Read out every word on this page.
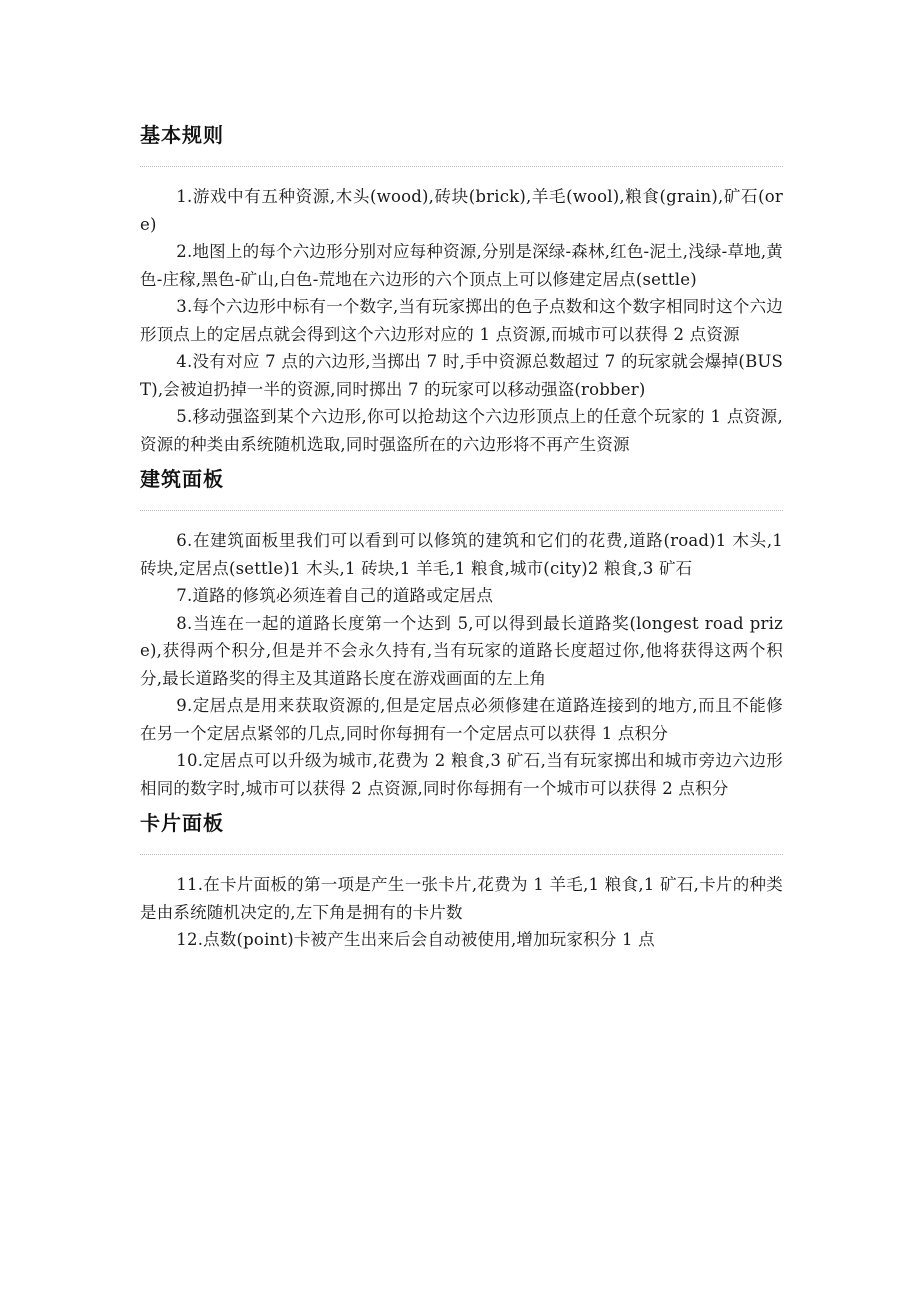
基本规则

1.游戏中有五种资源,木头(wood),砖块(brick),羊毛(wool),粮食(grain),矿石(ore)

2.地图上的每个六边形分别对应每种资源,分别是深绿-森林,红色-泥土,浅绿-草地,黄色-庄稼,黑色-矿山,白色-荒地在六边形的六个顶点上可以修建定居点(settle)

3.每个六边形中标有一个数字,当有玩家掷出的色子点数和这个数字相同时这个六边形顶点上的定居点就会得到这个六边形对应的 1 点资源,而城市可以获得 2 点资源

4.没有对应 7 点的六边形,当掷出 7 时,手中资源总数超过 7 的玩家就会爆掉(BUST),会被迫扔掉一半的资源,同时掷出 7 的玩家可以移动强盗(robber)

5.移动强盗到某个六边形,你可以抢劫这个六边形顶点上的任意个玩家的 1 点资源,资源的种类由系统随机选取,同时强盗所在的六边形将不再产生资源

建筑面板

6.在建筑面板里我们可以看到可以修筑的建筑和它们的花费,道路(road)1 木头,1 砖块,定居点(settle)1 木头,1 砖块,1 羊毛,1 粮食,城市(city)2 粮食,3 矿石

7.道路的修筑必须连着自己的道路或定居点

8.当连在一起的道路长度第一个达到 5,可以得到最长道路奖(longest road prize),获得两个积分,但是并不会永久持有,当有玩家的道路长度超过你,他将获得这两个积分,最长道路奖的得主及其道路长度在游戏画面的左上角

9.定居点是用来获取资源的,但是定居点必须修建在道路连接到的地方,而且不能修在另一个定居点紧邻的几点,同时你每拥有一个定居点可以获得 1 点积分

10.定居点可以升级为城市,花费为 2 粮食,3 矿石,当有玩家掷出和城市旁边六边形相同的数字时,城市可以获得 2 点资源,同时你每拥有一个城市可以获得 2 点积分

卡片面板

11.在卡片面板的第一项是产生一张卡片,花费为 1 羊毛,1 粮食,1 矿石,卡片的种类是由系统随机决定的,左下角是拥有的卡片数

12.点数(point)卡被产生出来后会自动被使用,增加玩家积分 1 点
